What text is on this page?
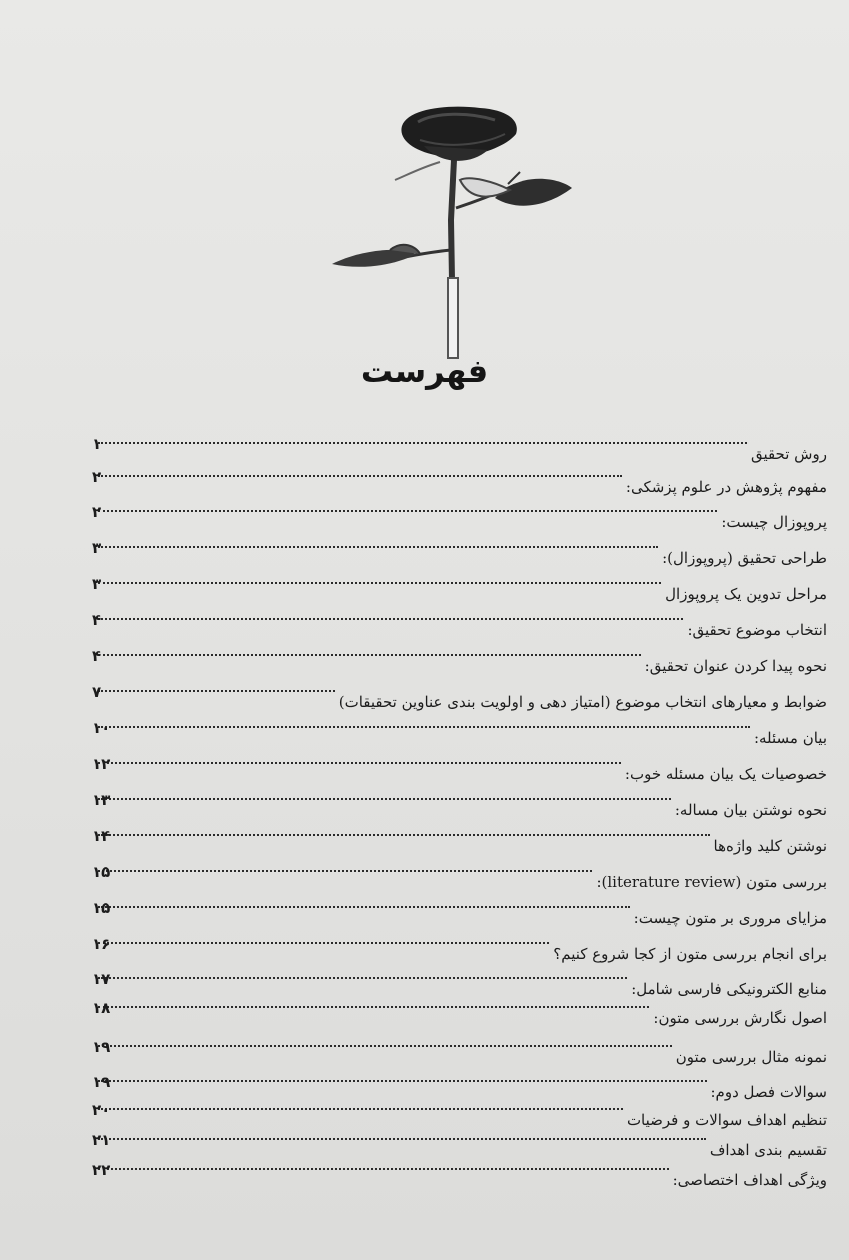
فهرست
روش تحقیق
۱
مفهوم پژوهش در علوم پزشکی:
۲
پروپوزال چیست:
۲
طراحی تحقیق (پروپوزال):
۳
مراحل تدوین یک پروپوزال
۳
انتخاب موضوع تحقیق:
۴
نحوه پیدا کردن عنوان تحقیق:
۴
ضوابط و معیارهای انتخاب موضوع (امتیاز دهی و اولویت بندی عناوین تحقیقات)
۷
بیان مسئله:
۱۰
خصوصیات یک بیان مسئله خوب:
۱۲
نحوه نوشتن بیان مساله:
۱۳
نوشتن کلید واژه‌ها
۱۴
بررسی متون (literature review):
۱۵
مزایای مروری بر متون چیست:
۱۵
برای انجام بررسی متون از کجا شروع کنیم؟
۱۶
منابع الکترونیکی فارسی شامل:
۱۷
اصول نگارش بررسی متون:
۱۸
نمونه مثال بررسی متون
۱۹
سوالات فصل دوم:
۱۹
تنظیم اهداف سوالات و فرضیات
۲۰
تقسیم بندی اهداف
۲۱
ویژگی اهداف اختصاصی:
۲۲
